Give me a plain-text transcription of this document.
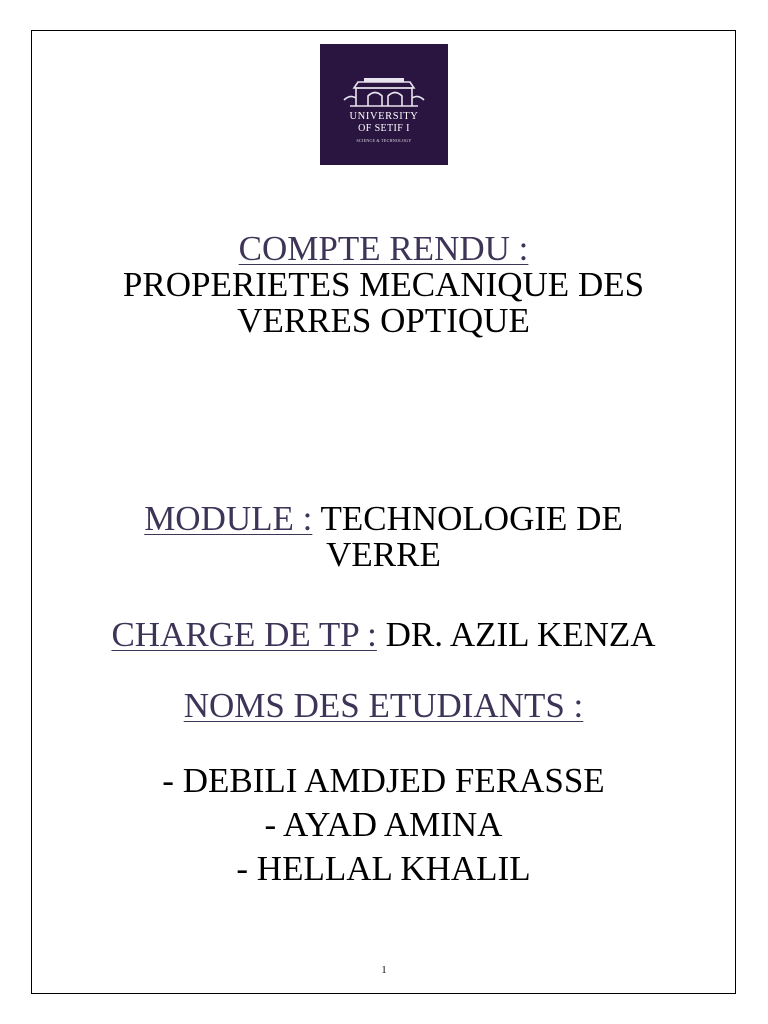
UNIVERSITY
OF SETIF I
SCIENCE & TECHNOLOGY
COMPTE RENDU :
PROPERIETES MECANIQUE DES
VERRES OPTIQUE
MODULE : TECHNOLOGIE DE
VERRE
CHARGE DE TP : DR. AZIL KENZA
NOMS DES ETUDIANTS :
- DEBILI AMDJED FERASSE
- AYAD AMINA
- HELLAL KHALIL
1
